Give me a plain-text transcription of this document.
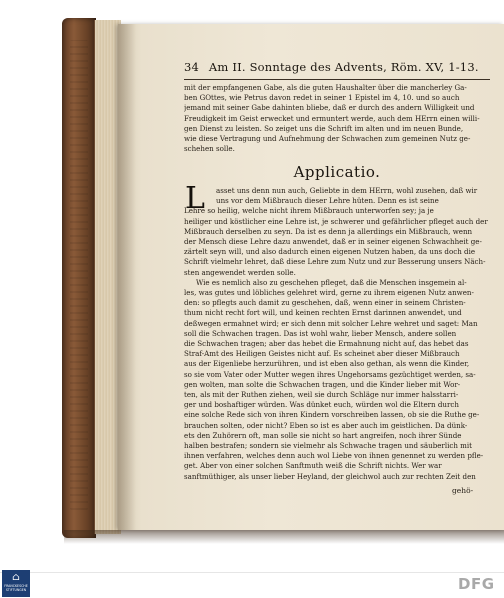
34 Am II. Sonntage des Advents, Röm. XV, 1-13.
mit der empfangenen Gabe, als die guten Haushalter über die mancherley Ga-
ben GOttes, wie Petrus davon redet in seiner 1 Epistel im 4, 10. und so auch
jemand mit seiner Gabe dahinten bliebe, daß er durch des andern Willigkeit und
Freudigkeit im Geist erwecket und ermuntert werde, auch dem HErrn einen willi-
gen Dienst zu leisten. So zeiget uns die Schrift im alten und im neuen Bunde,
wie diese Vertragung und Aufnehmung der Schwachen zum gemeinen Nutz ge-
schehen solle.
Applicatio.
L	asset uns denn nun auch, Geliebte in dem HErrn, wohl zusehen, daß wir
uns vor dem Mißbrauch dieser Lehre hüten. Denn es ist seine
Lehre so heilig, welche nicht ihrem Mißbrauch unterworfen sey; ja je
heiliger und köstlicher eine Lehre ist, je schwerer und gefährlicher pfleget auch der
Mißbrauch derselben zu seyn. Da ist es denn ja allerdings ein Mißbrauch, wenn
der Mensch diese Lehre dazu anwendet, daß er in seiner eigenen Schwachheit ge-
zärtelt seyn will, und also dadurch einen eigenen Nutzen haben, da uns doch die
Schrift vielmehr lehret, daß diese Lehre zum Nutz und zur Besserung unsers Näch-
sten angewendet werden solle.
Wie es nemlich also zu geschehen pfleget, daß die Menschen insgemein al-
les, was gutes und löbliches gelehret wird, gerne zu ihrem eigenen Nutz anwen-
den: so pflegts auch damit zu geschehen, daß, wenn einer in seinem Christen-
thum nicht recht fort will, und keinen rechten Ernst darinnen anwendet, und
deßwegen ermahnet wird; er sich denn mit solcher Lehre wehret und saget: Man
soll die Schwachen tragen. Das ist wohl wahr, lieber Mensch, andere sollen
die Schwachen tragen; aber das hebet die Ermahnung nicht auf, das hebet das
Straf-Amt des Heiligen Geistes nicht auf. Es scheinet aber dieser Mißbrauch
aus der Eigenliebe herzurühren, und ist eben also gethan, als wenn die Kinder,
so sie vom Vater oder Mutter wegen ihres Ungehorsams gezüchtiget werden, sa-
gen wolten, man solte die Schwachen tragen, und die Kinder lieber mit Wor-
ten, als mit der Ruthen ziehen, weil sie durch Schläge nur immer halsstarri-
ger und boshaftiger würden. Was dünket euch, würden wol die Eltern durch
eine solche Rede sich von ihren Kindern vorschreiben lassen, ob sie die Ruthe ge-
brauchen solten, oder nicht? Eben so ist es aber auch im geistlichen. Da dünk-
ets den Zuhörern oft, man solle sie nicht so hart angreifen, noch ihrer Sünde
halben bestrafen; sondern sie vielmehr als Schwache tragen und säuberlich mit
ihnen verfahren, welches denn auch wol Liebe von ihnen genennet zu werden pfle-
get. Aber von einer solchen Sanftmuth weiß die Schrift nichts. Wer war
sanftmüthiger, als unser lieber Heyland, der gleichwol auch zur rechten Zeit den
gehö-
⌂
FRANCKESCHE STIFTUNGEN	DFG
